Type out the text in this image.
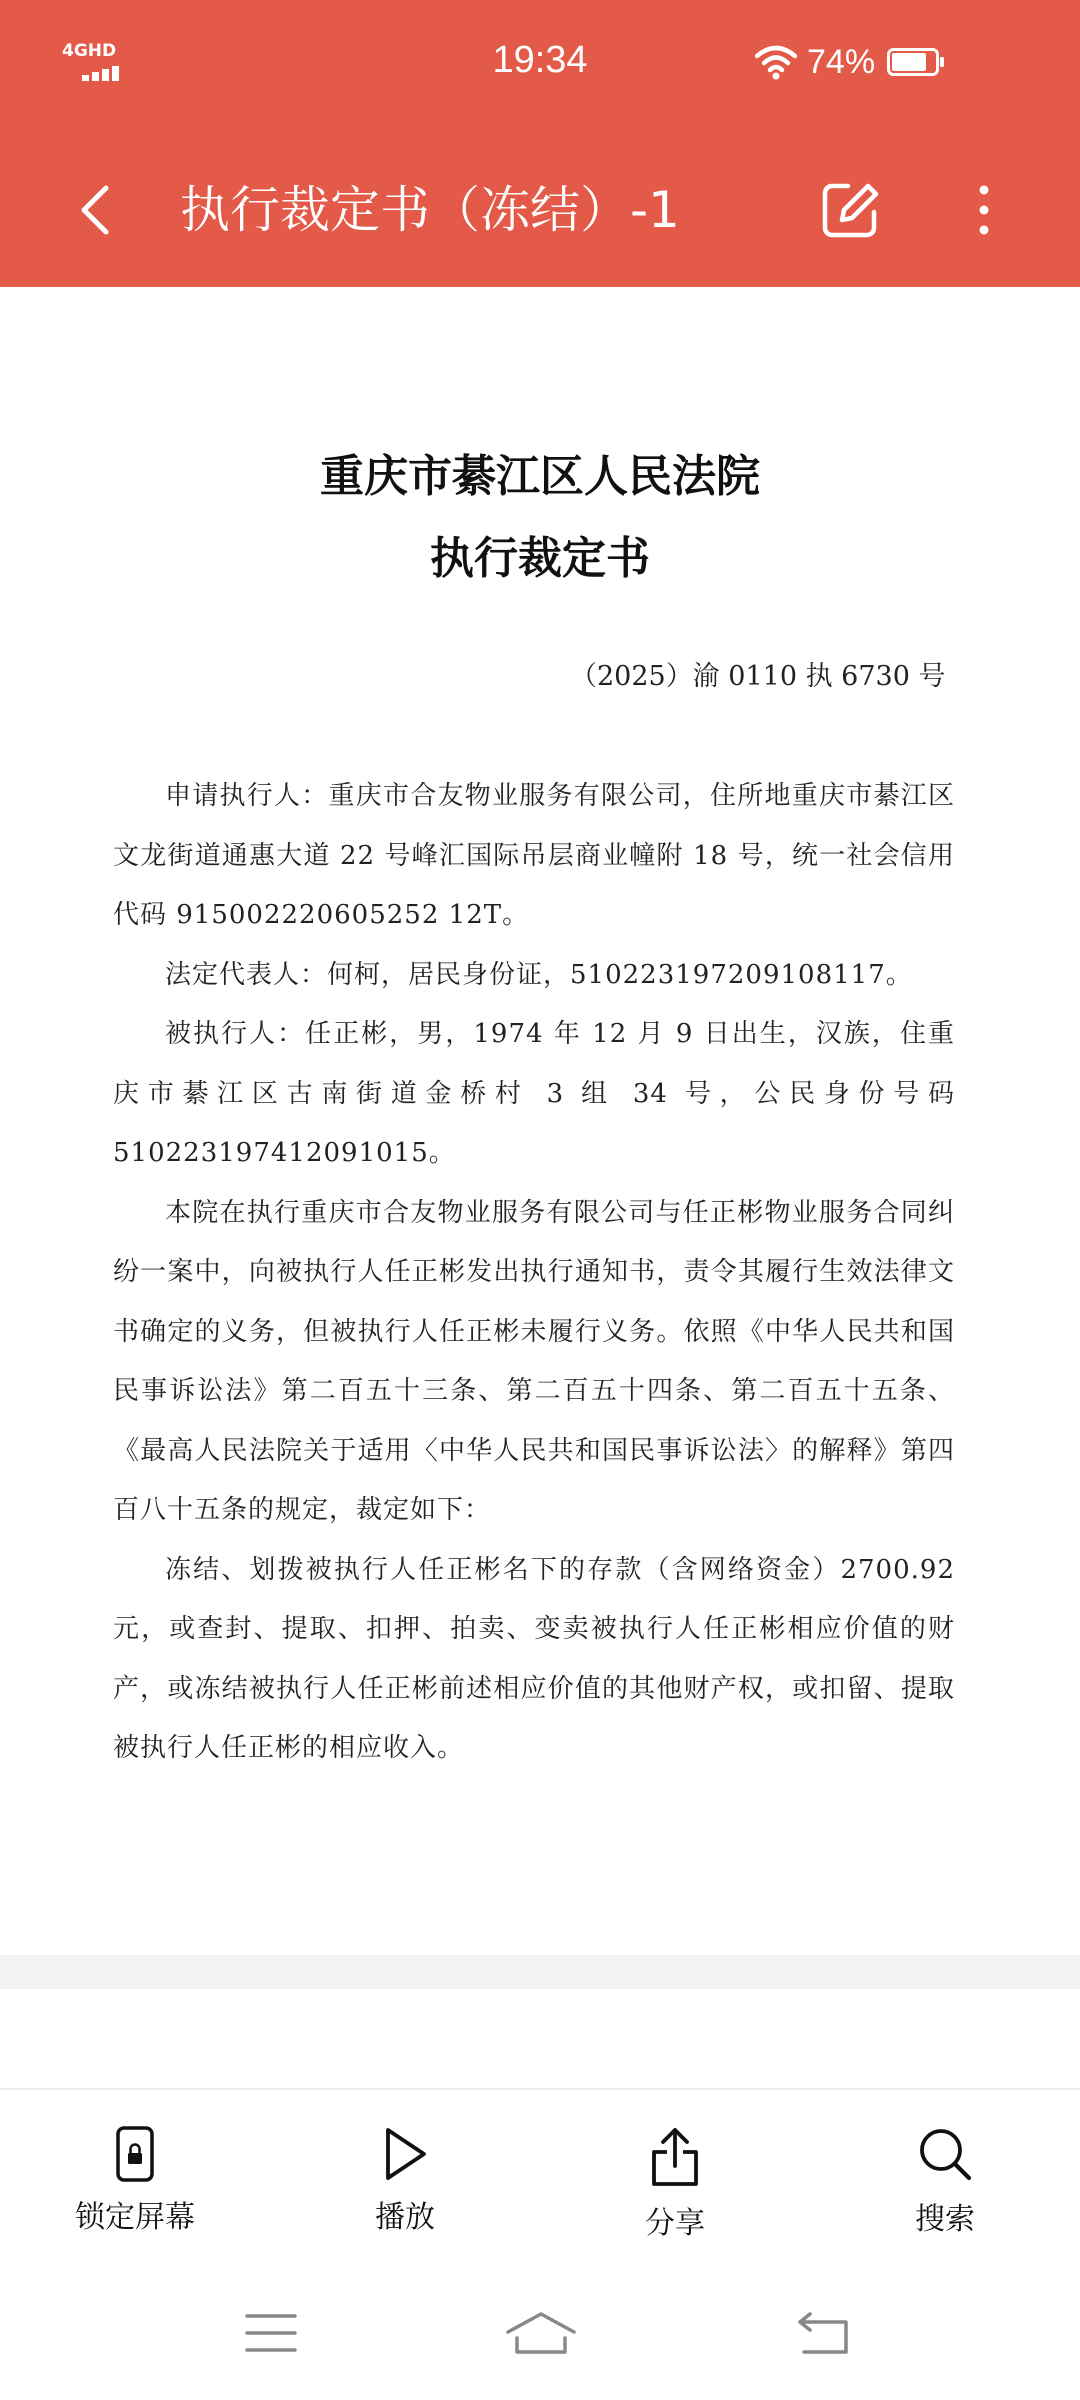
4GHD	19:34	74%
执行裁定书（冻结）-1
重庆市綦江区人民法院
执行裁定书
（2025）渝 0110 执 6730 号

申请执行人：重庆市合友物业服务有限公司，住所地重庆市綦江区文龙街道通惠大道 22 号峰汇国际吊层商业幢附 18 号，统一社会信用代码 915002220605252 12T。

法定代表人：何柯，居民身份证，510223197209108117。

被执行人：任正彬，男，1974 年 12 月 9 日出生，汉族，住重庆市綦江区古南街道金桥村 3 组 34 号，公民身份号码 510223197412091015。

本院在执行重庆市合友物业服务有限公司与任正彬物业服务合同纠纷一案中，向被执行人任正彬发出执行通知书，责令其履行生效法律文书确定的义务，但被执行人任正彬未履行义务。依照《中华人民共和国民事诉讼法》第二百五十三条、第二百五十四条、第二百五十五条、《最高人民法院关于适用〈中华人民共和国民事诉讼法〉的解释》第四百八十五条的规定，裁定如下：

冻结、划拨被执行人任正彬名下的存款（含网络资金）2700.92 元，或查封、提取、扣押、拍卖、变卖被执行人任正彬相应价值的财产，或冻结被执行人任正彬前述相应价值的其他财产权，或扣留、提取被执行人任正彬的相应收入。

锁定屏幕	播放	分享	搜索
